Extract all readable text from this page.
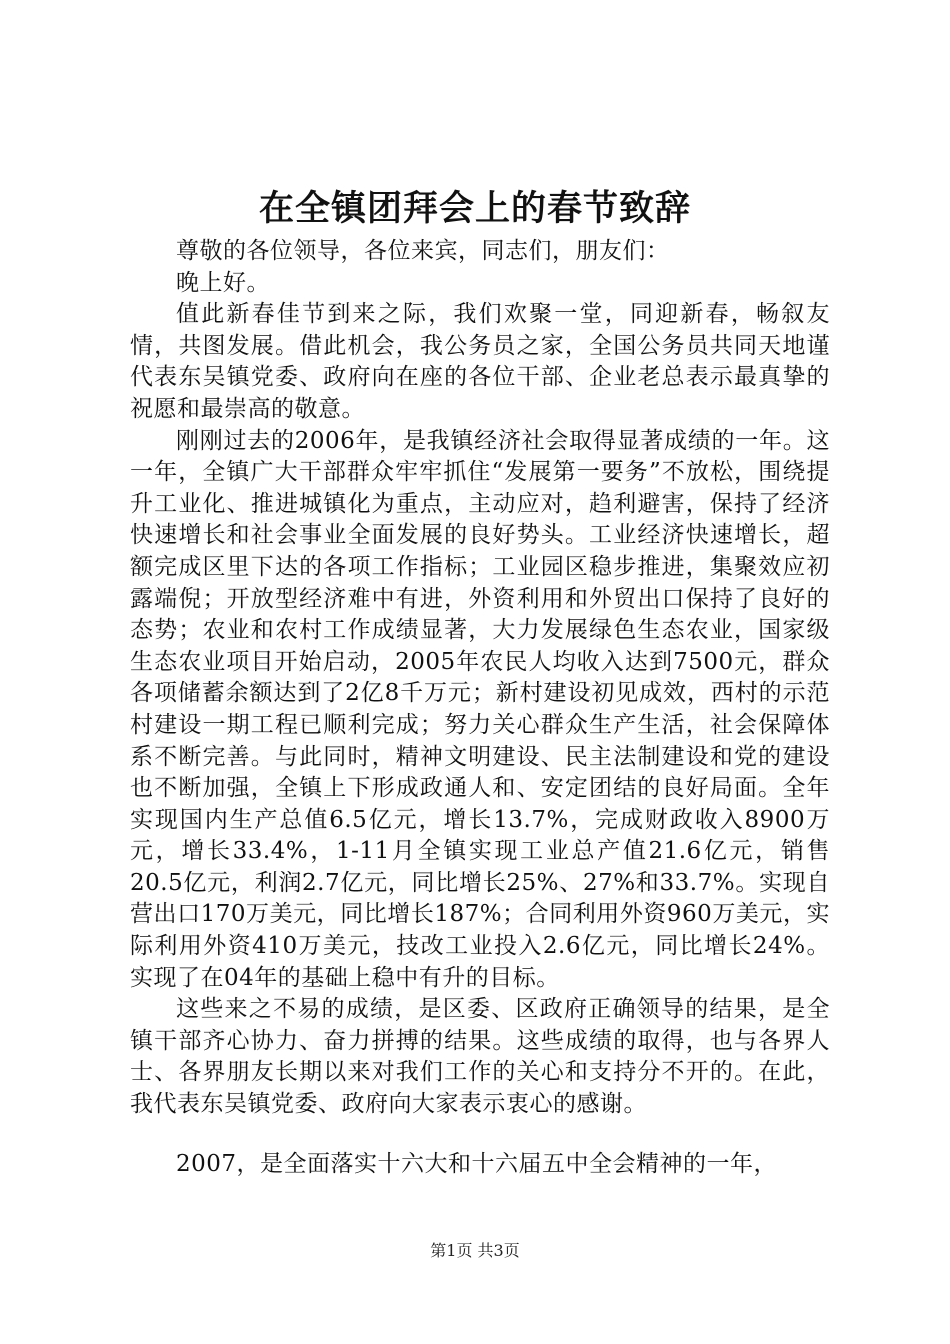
在全镇团拜会上的春节致辞

尊敬的各位领导，各位来宾，同志们，朋友们：

晚上好。

值此新春佳节到来之际，我们欢聚一堂，同迎新春，畅叙友情，共图发展。借此机会，我公务员之家，全国公务员共同天地谨代表东吴镇党委、政府向在座的各位干部、企业老总表示最真挚的祝愿和最崇高的敬意。

刚刚过去的2006年，是我镇经济社会取得显著成绩的一年。这一年，全镇广大干部群众牢牢抓住“发展第一要务”不放松，围绕提升工业化、推进城镇化为重点，主动应对，趋利避害，保持了经济快速增长和社会事业全面发展的良好势头。工业经济快速增长，超额完成区里下达的各项工作指标；工业园区稳步推进，集聚效应初露端倪；开放型经济难中有进，外资利用和外贸出口保持了良好的态势；农业和农村工作成绩显著，大力发展绿色生态农业，国家级生态农业项目开始启动，2005年农民人均收入达到7500元，群众各项储蓄余额达到了2亿8千万元；新村建设初见成效，西村的示范村建设一期工程已顺利完成；努力关心群众生产生活，社会保障体系不断完善。与此同时，精神文明建设、民主法制建设和党的建设也不断加强，全镇上下形成政通人和、安定团结的良好局面。全年实现国内生产总值6.5亿元，增长13.7%，完成财政收入8900万元，增长33.4%，1-11月全镇实现工业总产值21.6亿元，销售20.5亿元，利润2.7亿元，同比增长25%、27%和33.7%。实现自营出口170万美元，同比增长187%；合同利用外资960万美元，实际利用外资410万美元，技改工业投入2.6亿元，同比增长24%。实现了在04年的基础上稳中有升的目标。

这些来之不易的成绩，是区委、区政府正确领导的结果，是全镇干部齐心协力、奋力拼搏的结果。这些成绩的取得，也与各界人士、各界朋友长期以来对我们工作的关心和支持分不开的。在此，我代表东吴镇党委、政府向大家表示衷心的感谢。

2007，是全面落实十六大和十六届五中全会精神的一年，

第1页 共3页
